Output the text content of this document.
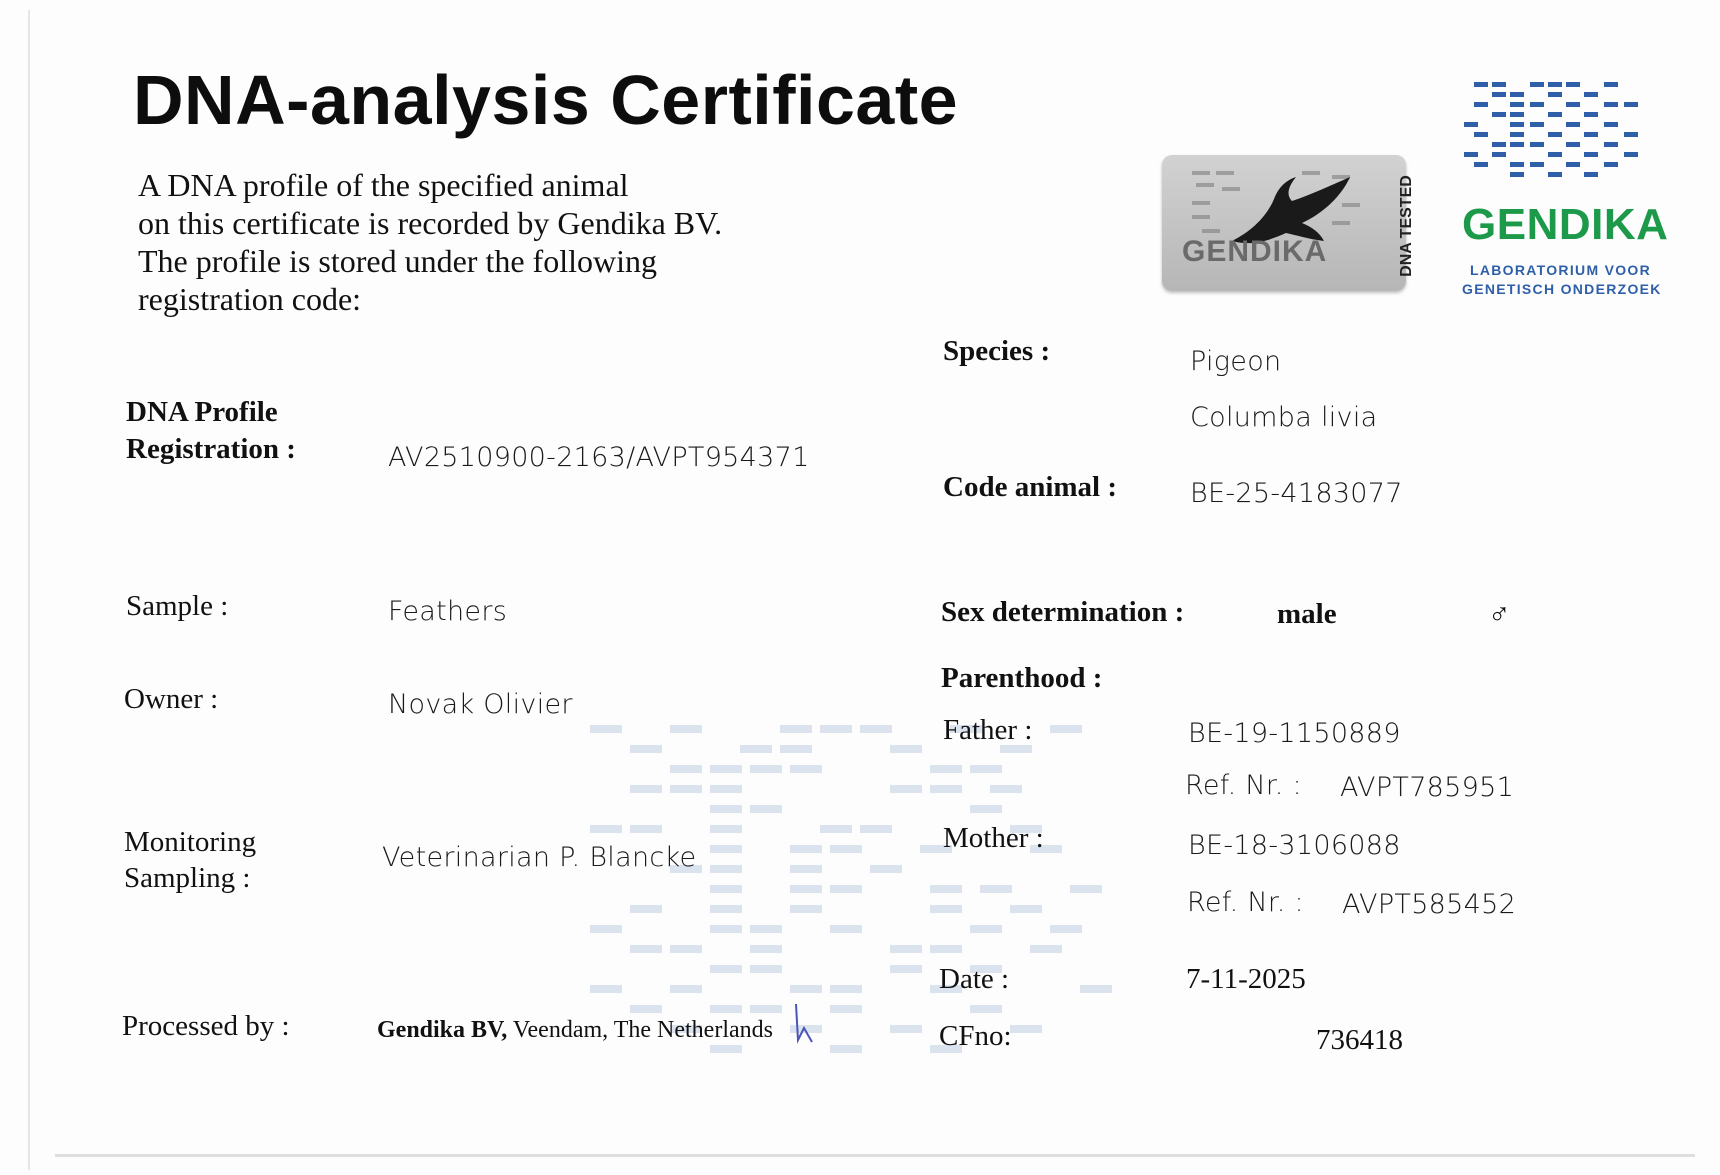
DNA-analysis Certificate
A DNA profile of the specified animal
on this certificate is recorded by Gendika BV.
The profile is stored under the following
registration code:
GENDIKA	DNA TESTED GENDIKA
LABORATORIUM VOOR
GENETISCH ONDERZOEK
DNA Profile
Registration :	AV2510900-2163/AVPT954371
Sample :	Feathers
Owner :	Novak Olivier
Monitoring
Sampling :
Veterinarian P. Blancke
Processed by :	Gendika BV, Veendam, The Netherlands
Species :	Pigeon
Columba livia
Code animal :	BE-25-4183077
Sex determination :	male	♂
Parenthood :
Father :	BE-19-1150889
Ref. Nr. : AVPT785951
Mother :	BE-18-3106088
Ref. Nr. : AVPT585452
Date :	7-11-2025
CFno:	736418
